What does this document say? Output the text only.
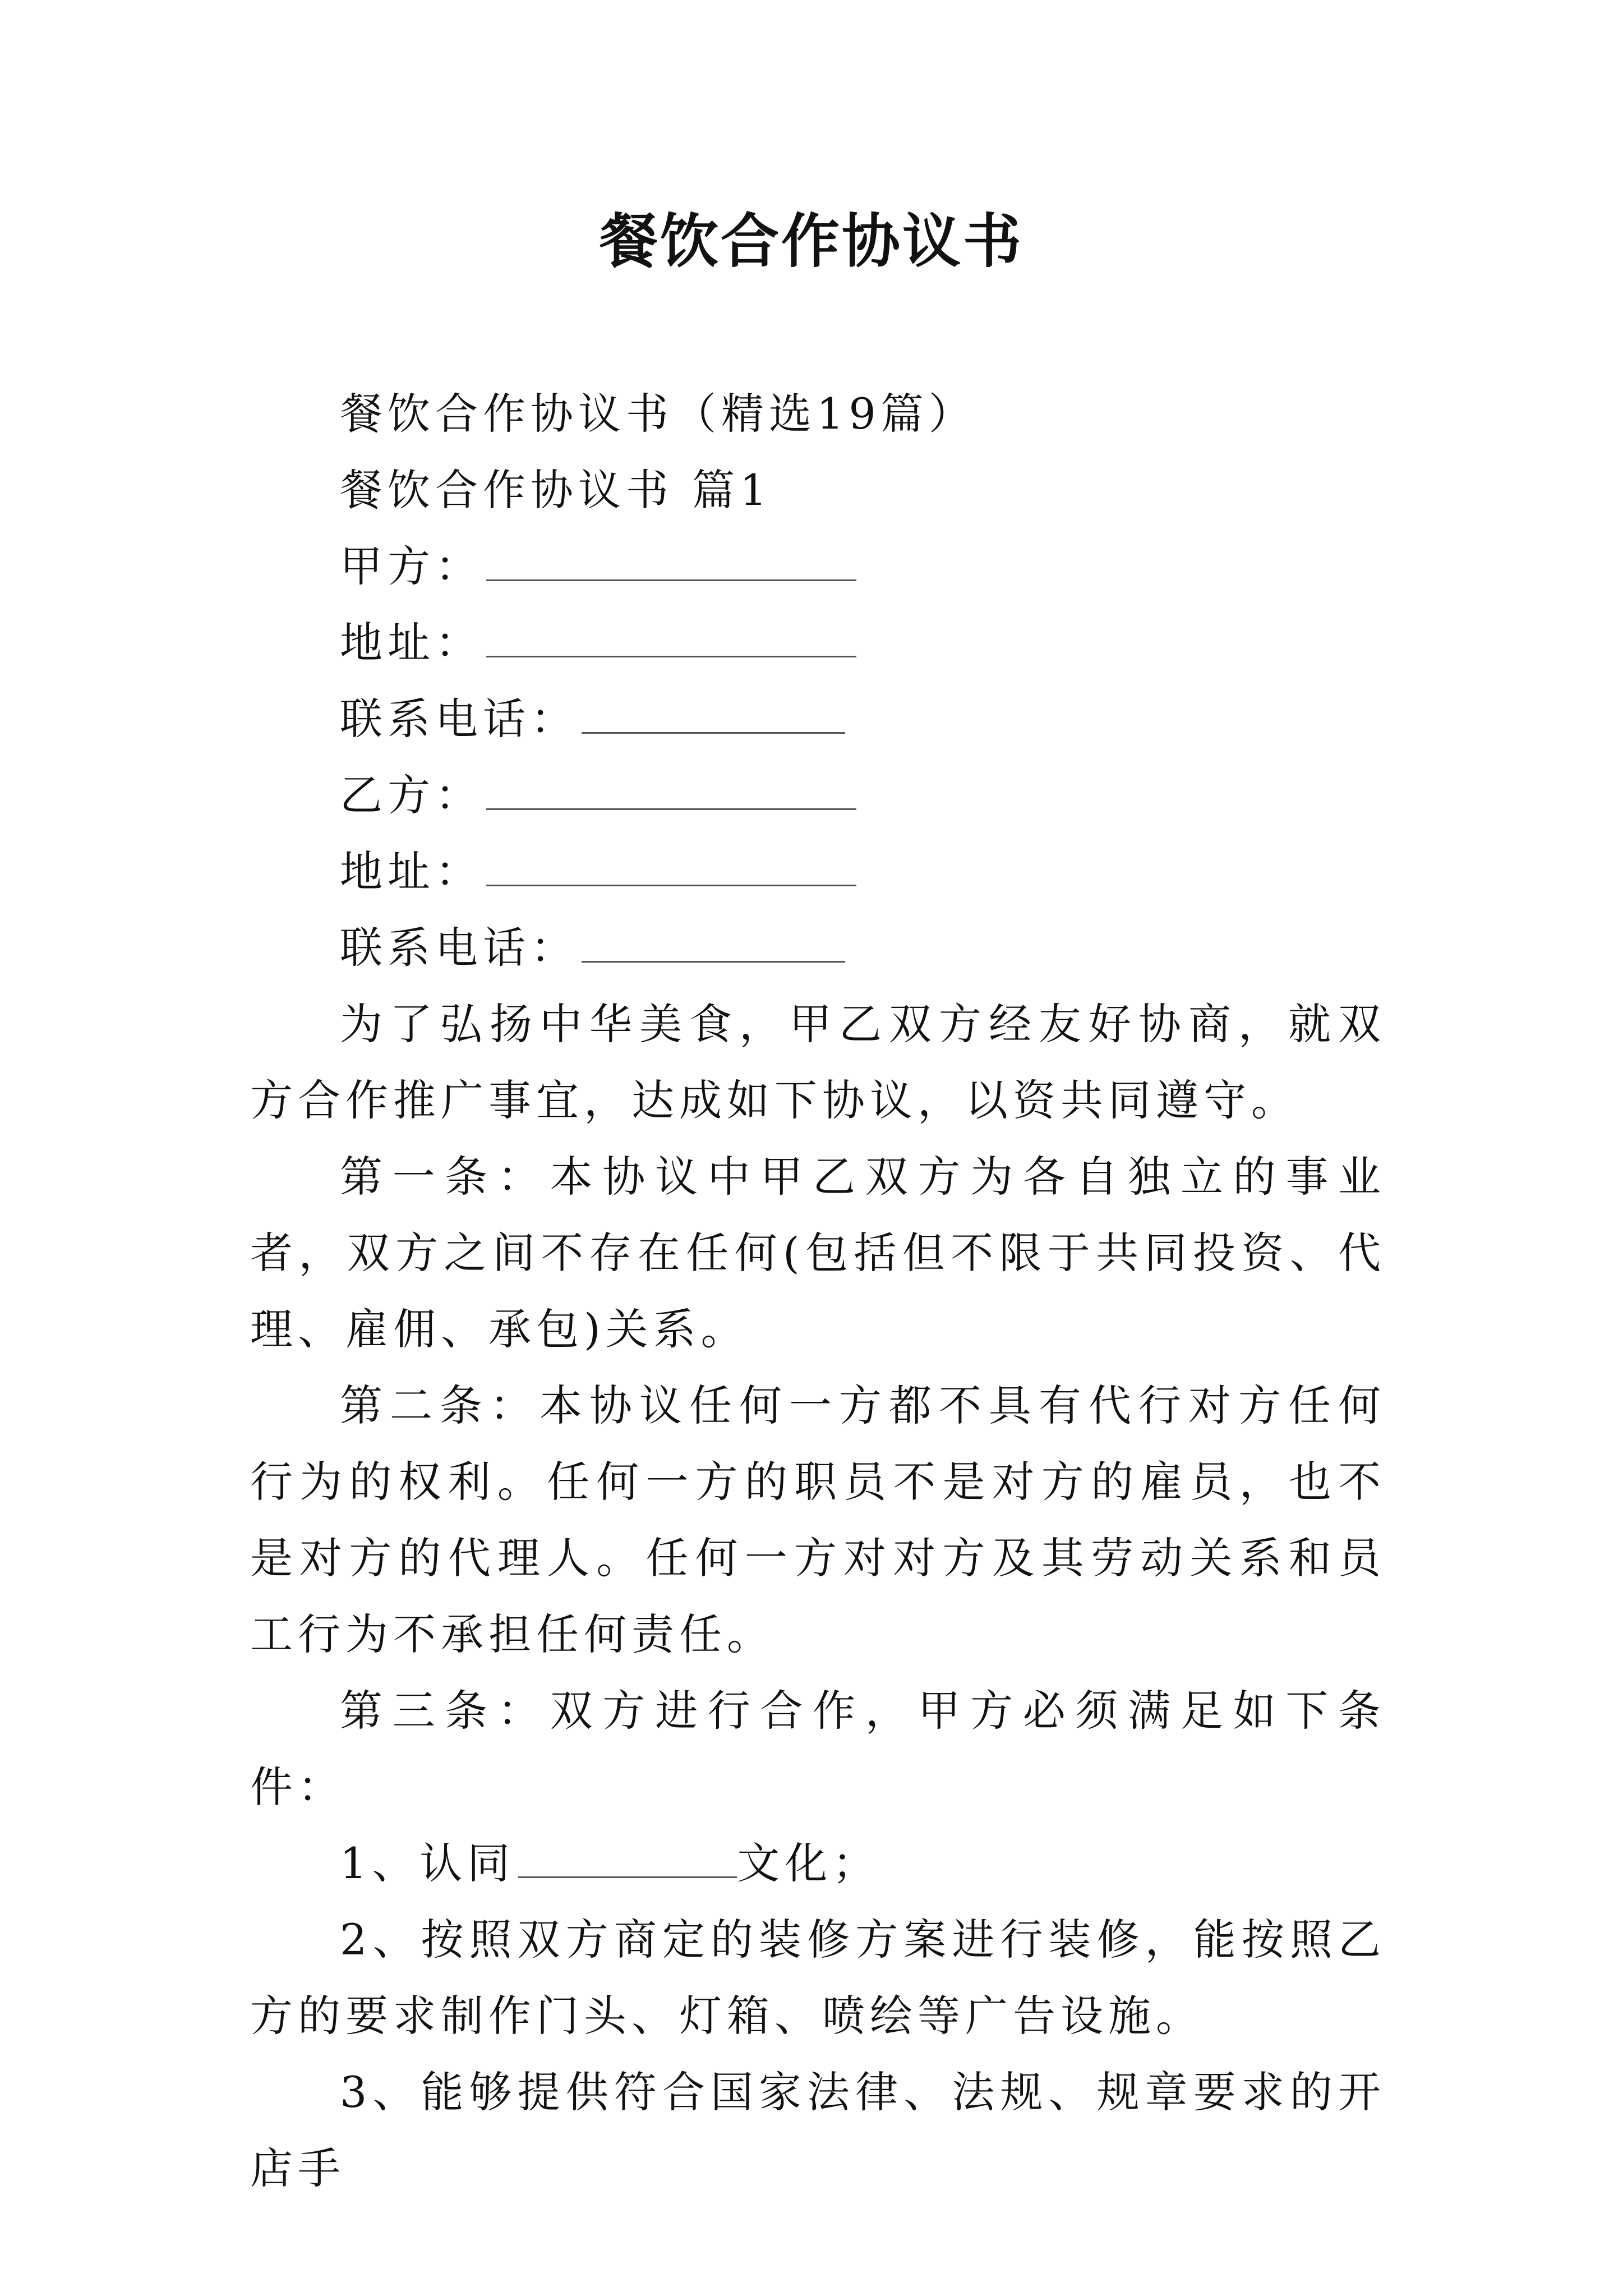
餐饮合作协议书

餐饮合作协议书（精选19篇）

餐饮合作协议书 篇1

甲方：

地址：

联系电话：

乙方：

地址：

联系电话：

为了弘扬中华美食，甲乙双方经友好协商，就双方合作推广事宜，达成如下协议，以资共同遵守。

第一条：本协议中甲乙双方为各自独立的事业者，双方之间不存在任何(包括但不限于共同投资、代理、雇佣、承包)关系。

第二条：本协议任何一方都不具有代行对方任何行为的权利。任何一方的职员不是对方的雇员，也不是对方的代理人。任何一方对对方及其劳动关系和员工行为不承担任何责任。

第三条：双方进行合作，甲方必须满足如下条件：

1、认同	文化；

2、按照双方商定的装修方案进行装修，能按照乙方的要求制作门头、灯箱、喷绘等广告设施。

3、能够提供符合国家法律、法规、规章要求的开店手
